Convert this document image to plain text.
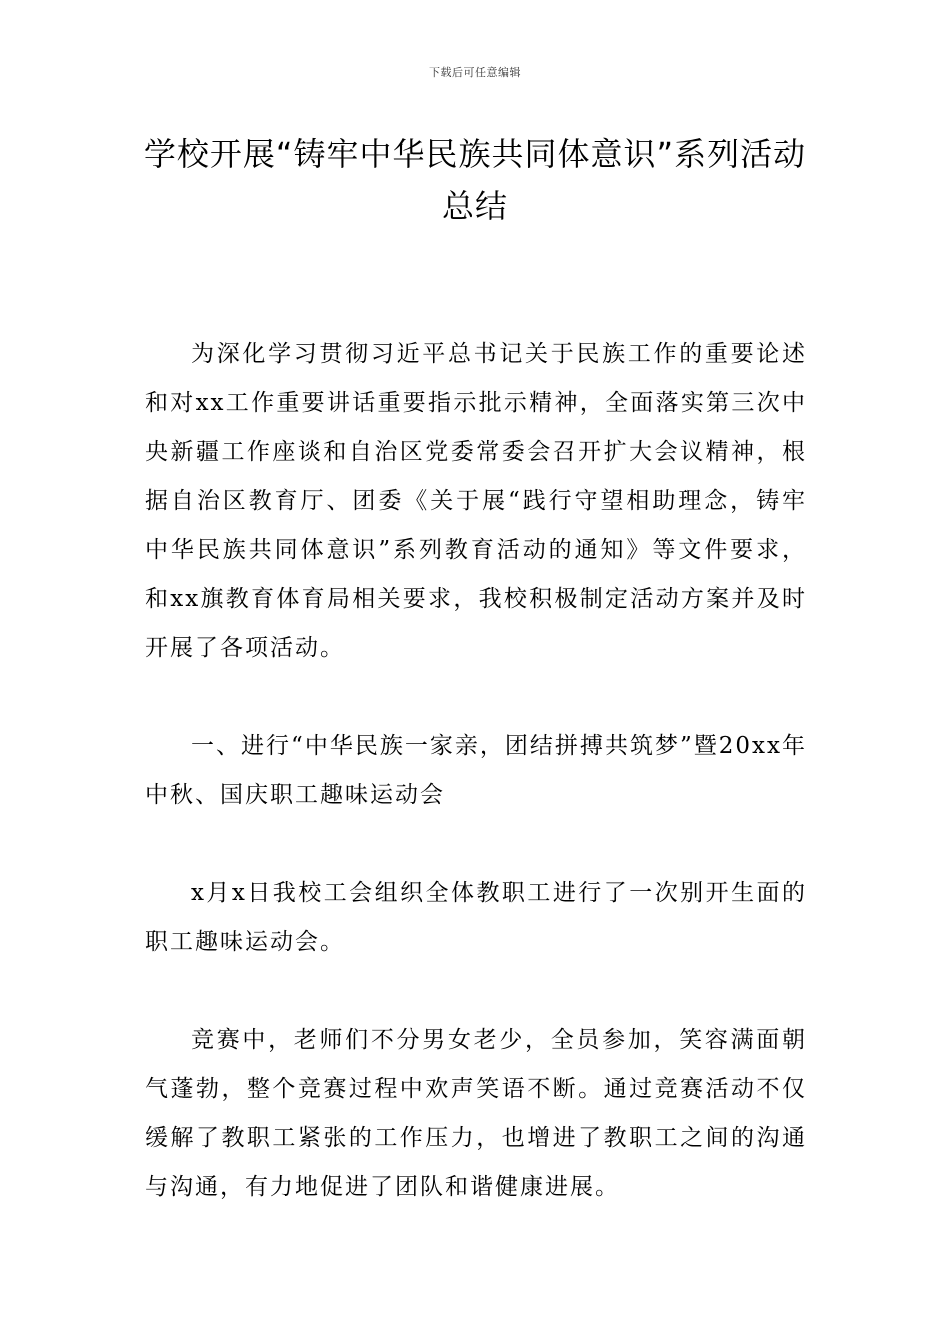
下载后可任意编辑
学校开展“铸牢中华民族共同体意识”系列活动总结

为深化学习贯彻习近平总书记关于民族工作的重要论述和对xx工作重要讲话重要指示批示精神，全面落实第三次中央新疆工作座谈和自治区党委常委会召开扩大会议精神，根据自治区教育厅、团委《关于展“践行守望相助理念，铸牢中华民族共同体意识”系列教育活动的通知》等文件要求，和xx旗教育体育局相关要求，我校积极制定活动方案并及时开展了各项活动。

一、进行“中华民族一家亲，团结拼搏共筑梦”暨20xx年中秋、国庆职工趣味运动会

x月x日我校工会组织全体教职工进行了一次别开生面的职工趣味运动会。

竞赛中，老师们不分男女老少，全员参加，笑容满面朝气蓬勃，整个竞赛过程中欢声笑语不断。通过竞赛活动不仅缓解了教职工紧张的工作压力，也增进了教职工之间的沟通与沟通，有力地促进了团队和谐健康进展。
